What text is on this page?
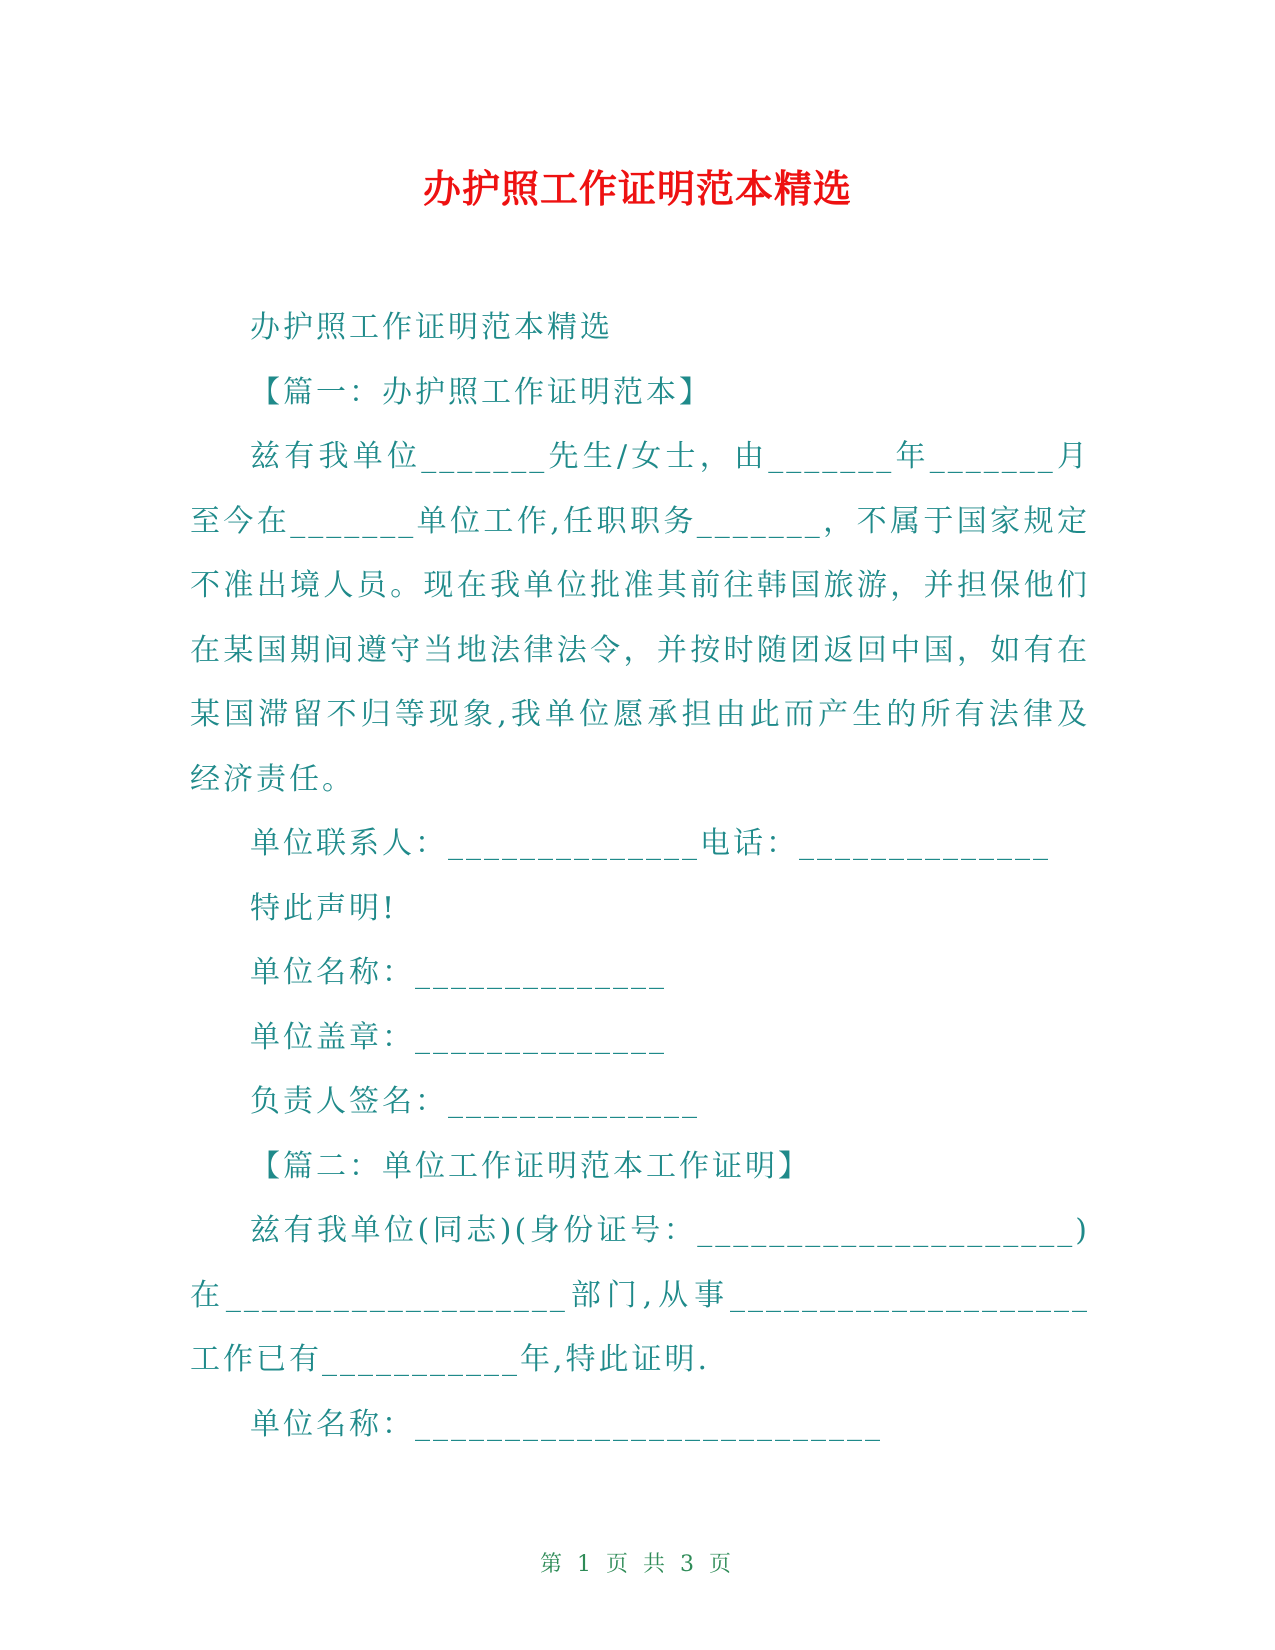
办护照工作证明范本精选

办护照工作证明范本精选

【篇一：办护照工作证明范本】

兹有我单位_______先生/女士，由_______年_______月至今在_______单位工作,任职职务_______，不属于国家规定不准出境人员。现在我单位批准其前往韩国旅游，并担保他们在某国期间遵守当地法律法令，并按时随团返回中国，如有在某国滞留不归等现象,我单位愿承担由此而产生的所有法律及经济责任。

单位联系人：______________电话：______________

特此声明!

单位名称：______________

单位盖章：______________

负责人签名：______________

【篇二：单位工作证明范本工作证明】

兹有我单位(同志)(身份证号：_____________________)在___________________部门,从事____________________工作已有___________年,特此证明.

单位名称：__________________________

第 1 页 共 3 页
